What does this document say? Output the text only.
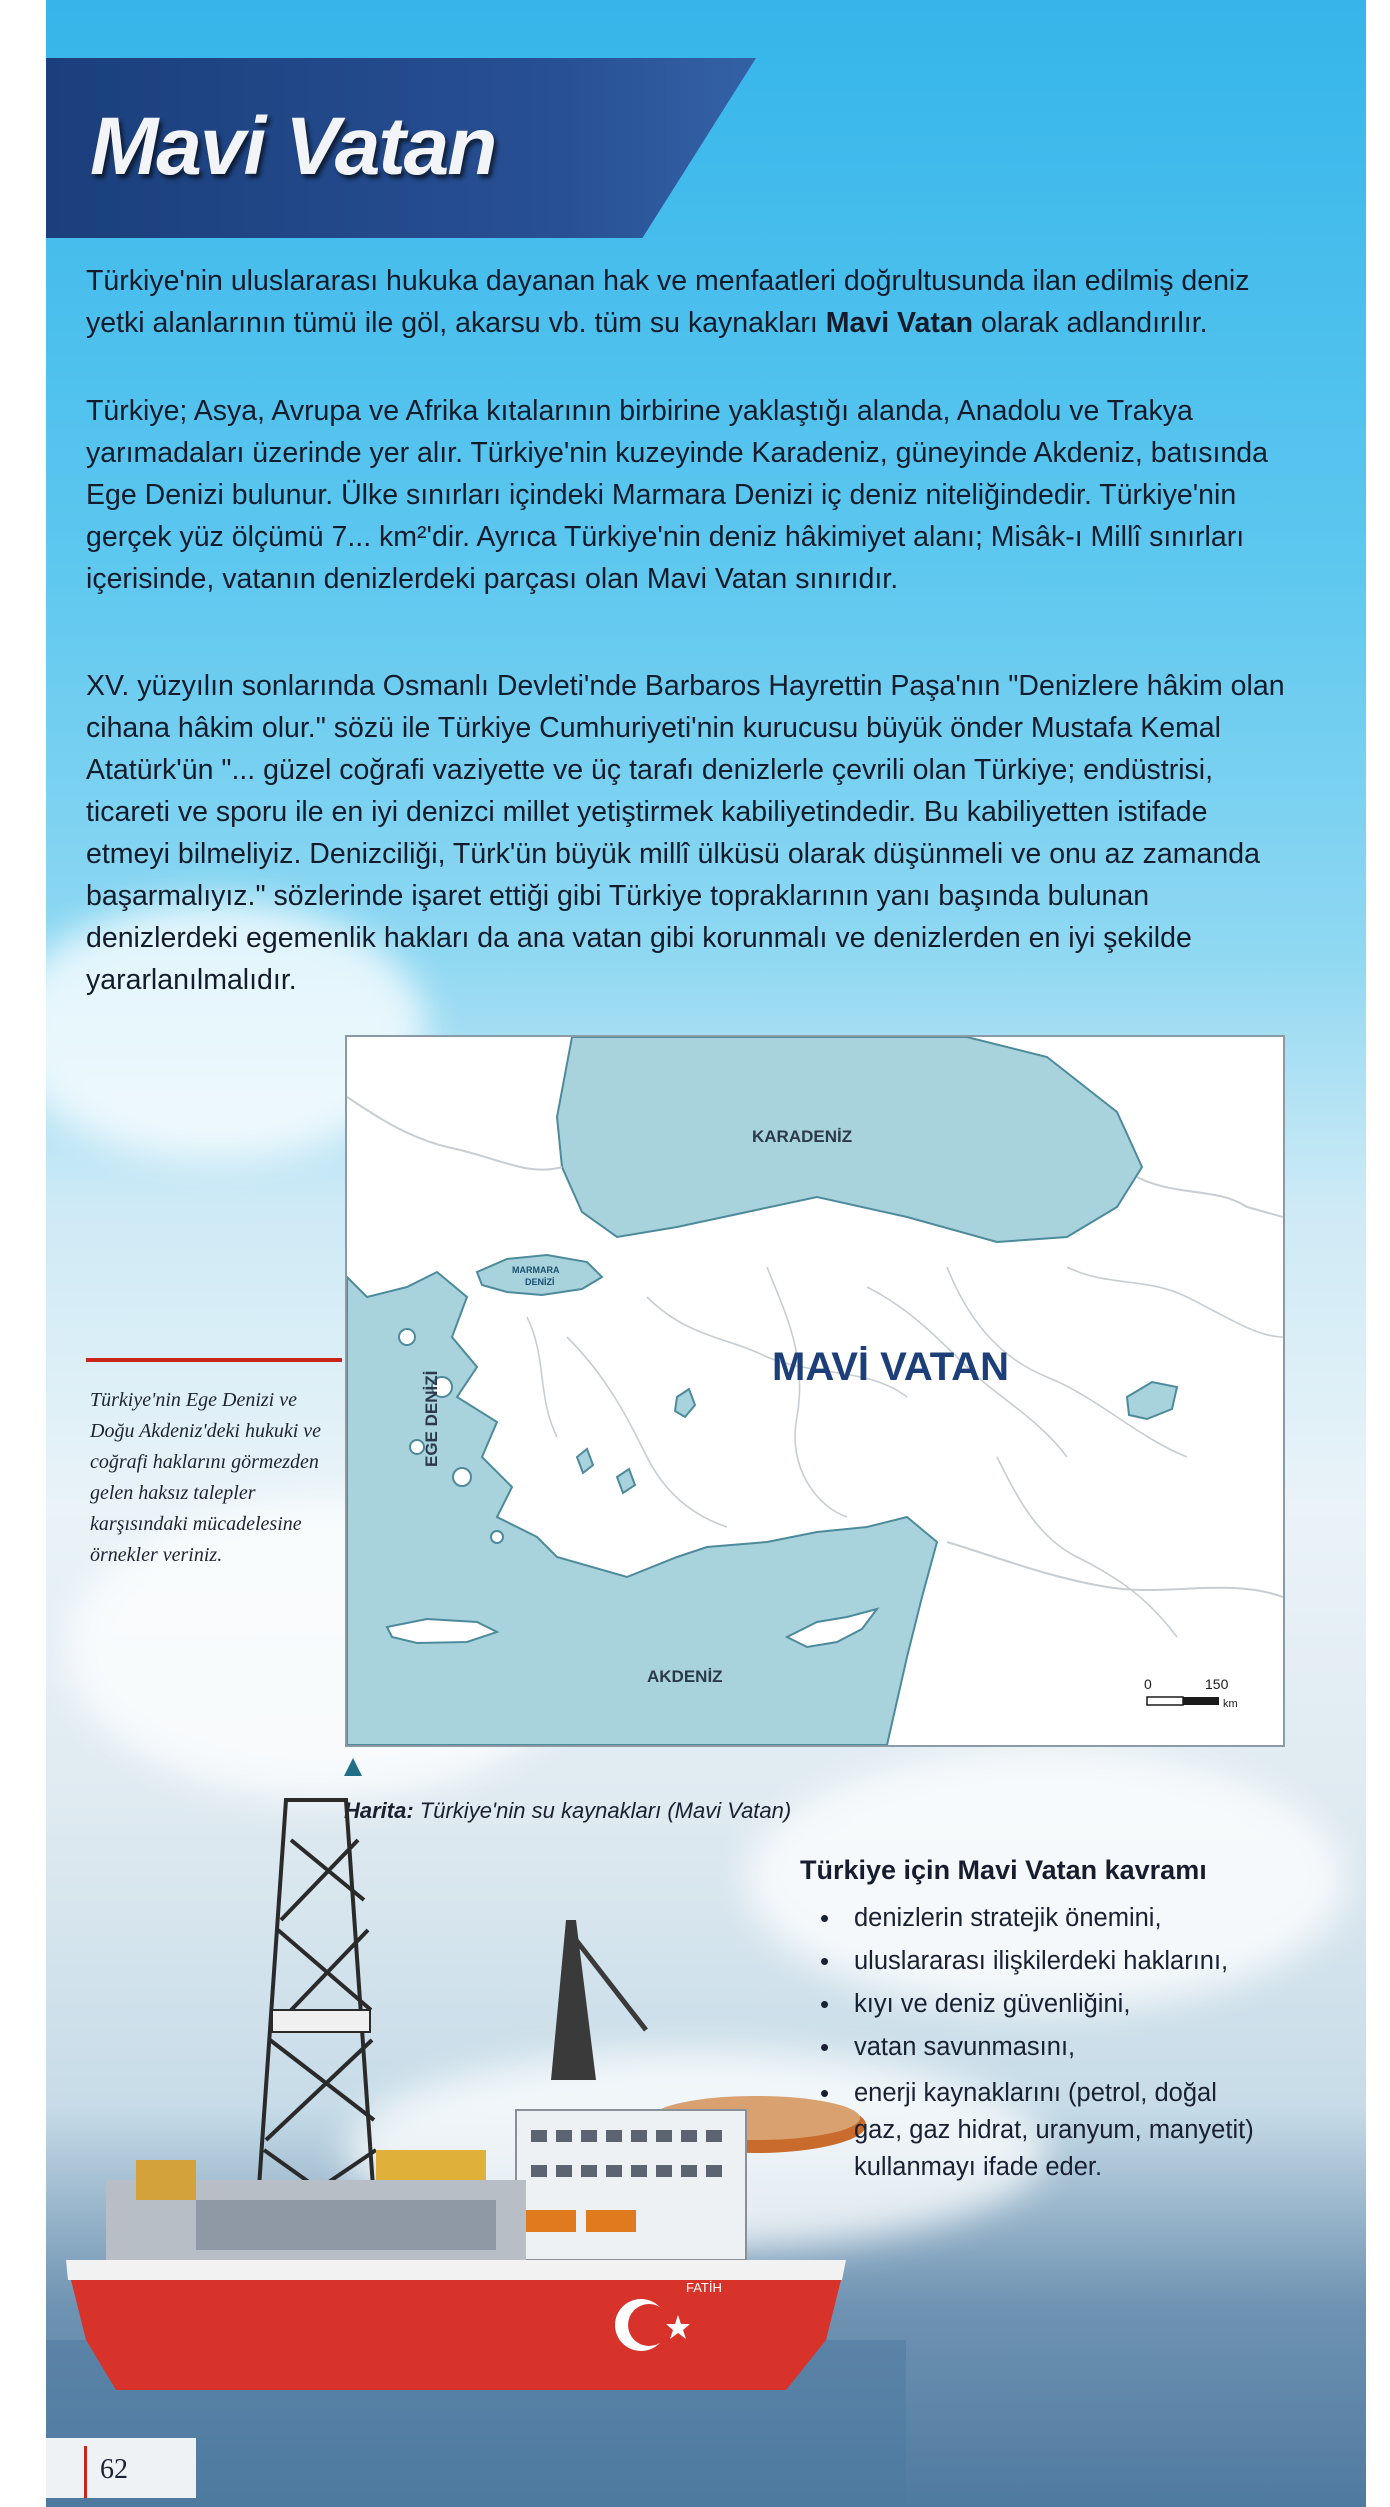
Mavi Vatan

Türkiye'nin uluslararası hukuka dayanan hak ve menfaatleri doğrultusunda ilan edilmiş deniz yetki alanlarının tümü ile göl, akarsu vb. tüm su kaynakları Mavi Vatan olarak adlandırılır.

Türkiye; Asya, Avrupa ve Afrika kıtalarının birbirine yaklaştığı alanda, Anadolu ve Trakya yarımadaları üzerinde yer alır. Türkiye'nin kuzeyinde Karadeniz, güneyinde Akdeniz, batısında Ege Denizi bulunur. Ülke sınırları içindeki Marmara Denizi iç deniz niteliğindedir. Türkiye'nin gerçek yüz ölçümü 7... km²'dir. Ayrıca Türkiye'nin deniz hâkimiyet alanı; Misâk-ı Millî sınırları içerisinde, vatanın denizlerdeki parçası olan Mavi Vatan sınırıdır.

XV. yüzyılın sonlarında Osmanlı Devleti'nde Barbaros Hayrettin Paşa'nın "Denizlere hâkim olan cihana hâkim olur." sözü ile Türkiye Cumhuriyeti'nin kurucusu büyük önder Mustafa Kemal Atatürk'ün "... güzel coğrafi vaziyette ve üç tarafı denizlerle çevrili olan Türkiye; endüstrisi, ticareti ve sporu ile en iyi denizci millet yetiştirmek kabiliyetindedir. Bu kabiliyetten istifade etmeyi bilmeliyiz. Denizciliği, Türk'ün büyük millî ülküsü olarak düşünmeli ve onu az zamanda başarmalıyız." sözlerinde işaret ettiği gibi Türkiye topraklarının yanı başında bulunan denizlerdeki egemenlik hakları da ana vatan gibi korunmalı ve denizlerden en iyi şekilde yararlanılmalıdır.

KARADENİZ
MARMARA
DENİZİ
EGE DENİZİ
AKDENİZ
MAVİ VATAN
0	150
km

Harita: Türkiye'nin su kaynakları (Mavi Vatan)

Türkiye'nin Ege Denizi ve Doğu Akdeniz'deki hukuki ve coğrafi haklarını görmezden gelen haksız talepler karşısındaki mücadelesine örnekler veriniz.

FATİH

Türkiye için Mavi Vatan kavramı

• denizlerin stratejik önemini,
• uluslararası ilişkilerdeki haklarını,
• kıyı ve deniz güvenliğini,
• vatan savunmasını,
• enerji kaynaklarını (petrol, doğal gaz, gaz hidrat, uranyum, manyetit) kullanmayı ifade eder.
62
